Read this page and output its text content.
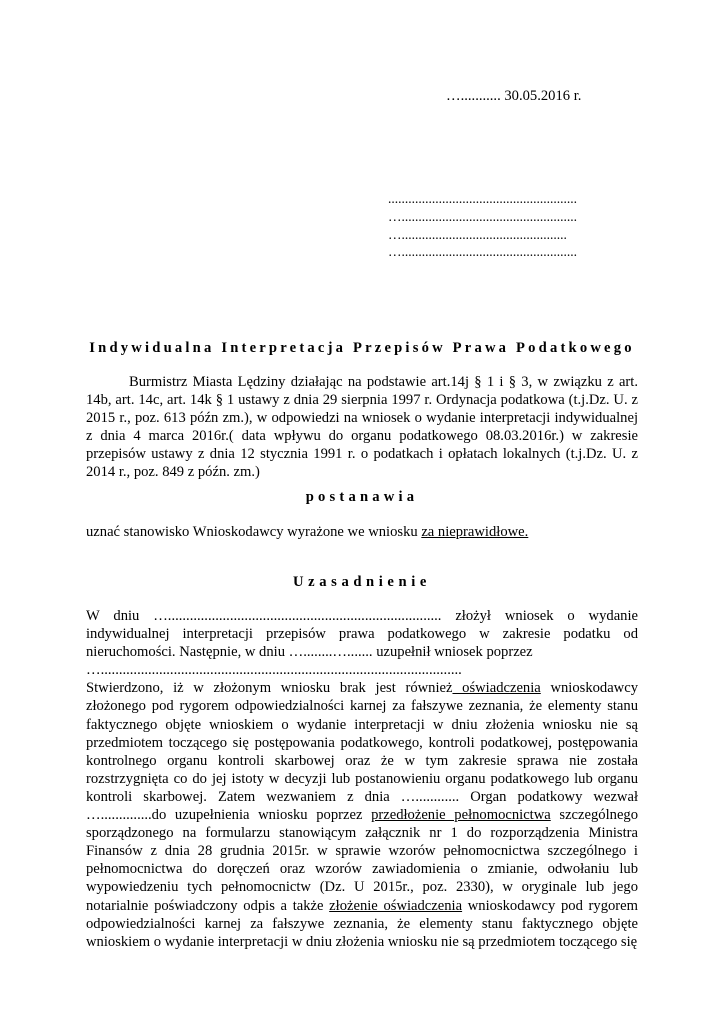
…........... 30.05.2016 r.
........................................................
…....................................................
….................................................
…....................................................
Indywidualna Interpretacja Przepisów Prawa Podatkowego

Burmistrz Miasta Lędziny działając na podstawie art.14j § 1 i § 3, w związku z art. 14b, art. 14c, art. 14k § 1 ustawy z dnia 29 sierpnia 1997 r. Ordynacja podatkowa (t.j.Dz. U. z 2015 r., poz. 613 późn zm.), w odpowiedzi na wniosek o wydanie interpretacji indywidualnej z dnia 4 marca 2016r.( data wpływu do organu podatkowego 08.03.2016r.) w zakresie przepisów ustawy z dnia 12 stycznia 1991 r. o podatkach i opłatach lokalnych (t.j.Dz. U. z 2014 r., poz. 849 z późn. zm.)

postanawia
uznać stanowisko Wnioskodawcy wyrażone we wniosku za nieprawidłowe.
Uzasadnienie

W dniu …........................................................................... złożył wniosek o wydanie indywidualnej interpretacji przepisów prawa podatkowego w zakresie podatku od nieruchomości. Następnie, w dniu …........…....... uzupełnił wniosek poprzez

…...................................................................................................

Stwierdzono, iż w złożonym wniosku brak jest również oświadczenia wnioskodawcy złożonego pod rygorem odpowiedzialności karnej za fałszywe zeznania, że elementy stanu faktycznego objęte wnioskiem o wydanie interpretacji w dniu złożenia wniosku nie są przedmiotem toczącego się postępowania podatkowego, kontroli podatkowej, postępowania kontrolnego organu kontroli skarbowej oraz że w tym zakresie sprawa nie została rozstrzygnięta co do jej istoty w decyzji lub postanowieniu organu podatkowego lub organu kontroli skarbowej. Zatem wezwaniem z dnia …............ Organ podatkowy wezwał …..............do uzupełnienia wniosku poprzez przedłożenie pełnomocnictwa szczególnego sporządzonego na formularzu stanowiącym załącznik nr 1 do rozporządzenia Ministra Finansów z dnia 28 grudnia 2015r. w sprawie wzorów pełnomocnictwa szczególnego i pełnomocnictwa do doręczeń oraz wzorów zawiadomienia o zmianie, odwołaniu lub wypowiedzeniu tych pełnomocnictw (Dz. U 2015r., poz. 2330), w oryginale lub jego notarialnie poświadczony odpis a także złożenie oświadczenia wnioskodawcy pod rygorem odpowiedzialności karnej za fałszywe zeznania, że elementy stanu faktycznego objęte wnioskiem o wydanie interpretacji w dniu złożenia wniosku nie są przedmiotem toczącego się
